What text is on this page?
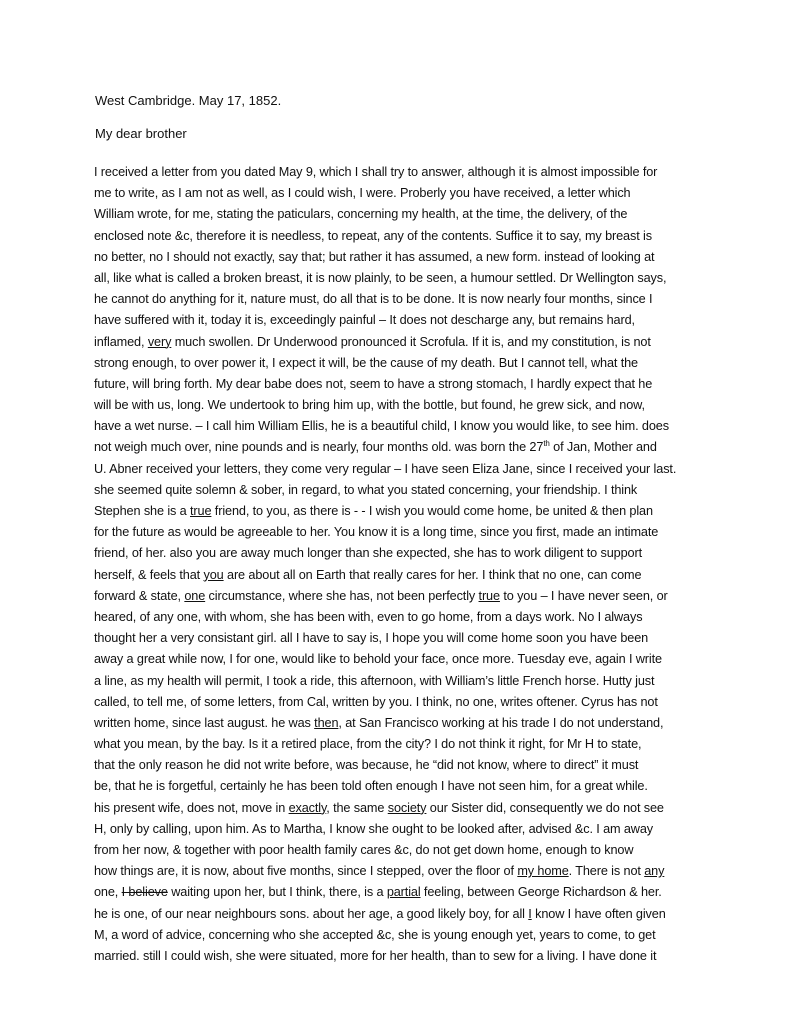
West Cambridge. May 17, 1852.
My dear brother
I received a letter from you dated May 9, which I shall try to answer, although it is almost impossible for
me to write, as I am not as well, as I could wish, I were. Proberly you have received, a letter which
William wrote, for me, stating the paticulars, concerning my health, at the time, the delivery, of the
enclosed note &c, therefore it is needless, to repeat, any of the contents. Suffice it to say, my breast is
no better, no I should not exactly, say that; but rather it has assumed, a new form. instead of looking at
all, like what is called a broken breast, it is now plainly, to be seen, a humour settled. Dr Wellington says,
he cannot do anything for it, nature must, do all that is to be done. It is now nearly four months, since I
have suffered with it, today it is, exceedingly painful – It does not descharge any, but remains hard,
inflamed, very much swollen. Dr Underwood pronounced it Scrofula. If it is, and my constitution, is not
strong enough, to over power it, I expect it will, be the cause of my death. But I cannot tell, what the
future, will bring forth. My dear babe does not, seem to have a strong stomach, I hardly expect that he
will be with us, long. We undertook to bring him up, with the bottle, but found, he grew sick, and now,
have a wet nurse. – I call him William Ellis, he is a beautiful child, I know you would like, to see him. does
not weigh much over, nine pounds and is nearly, four months old. was born the 27th of Jan, Mother and
U. Abner received your letters, they come very regular – I have seen Eliza Jane, since I received your last.
she seemed quite solemn & sober, in regard, to what you stated concerning, your friendship. I think
Stephen she is a true friend, to you, as there is - - I wish you would come home, be united & then plan
for the future as would be agreeable to her. You know it is a long time, since you first, made an intimate
friend, of her. also you are away much longer than she expected, she has to work diligent to support
herself, & feels that you are about all on Earth that really cares for her. I think that no one, can come
forward & state, one circumstance, where she has, not been perfectly true to you – I have never seen, or
heared, of any one, with whom, she has been with, even to go home, from a days work. No I always
thought her a very consistant girl. all I have to say is, I hope you will come home soon you have been
away a great while now, I for one, would like to behold your face, once more. Tuesday eve, again I write
a line, as my health will permit, I took a ride, this afternoon, with William’s little French horse. Hutty just
called, to tell me, of some letters, from Cal, written by you. I think, no one, writes oftener. Cyrus has not
written home, since last august. he was then, at San Francisco working at his trade I do not understand,
what you mean, by the bay. Is it a retired place, from the city? I do not think it right, for Mr H to state,
that the only reason he did not write before, was because, he “did not know, where to direct” it must
be, that he is forgetful, certainly he has been told often enough I have not seen him, for a great while.
his present wife, does not, move in exactly, the same society our Sister did, consequently we do not see
H, only by calling, upon him. As to Martha, I know she ought to be looked after, advised &c. I am away
from her now, & together with poor health family cares &c, do not get down home, enough to know
how things are, it is now, about five months, since I stepped, over the floor of my home. There is not any
one, I believe waiting upon her, but I think, there, is a partial feeling, between George Richardson & her.
he is one, of our near neighbours sons. about her age, a good likely boy, for all I know I have often given
M, a word of advice, concerning who she accepted &c, she is young enough yet, years to come, to get
married. still I could wish, she were situated, more for her health, than to sew for a living. I have done it
